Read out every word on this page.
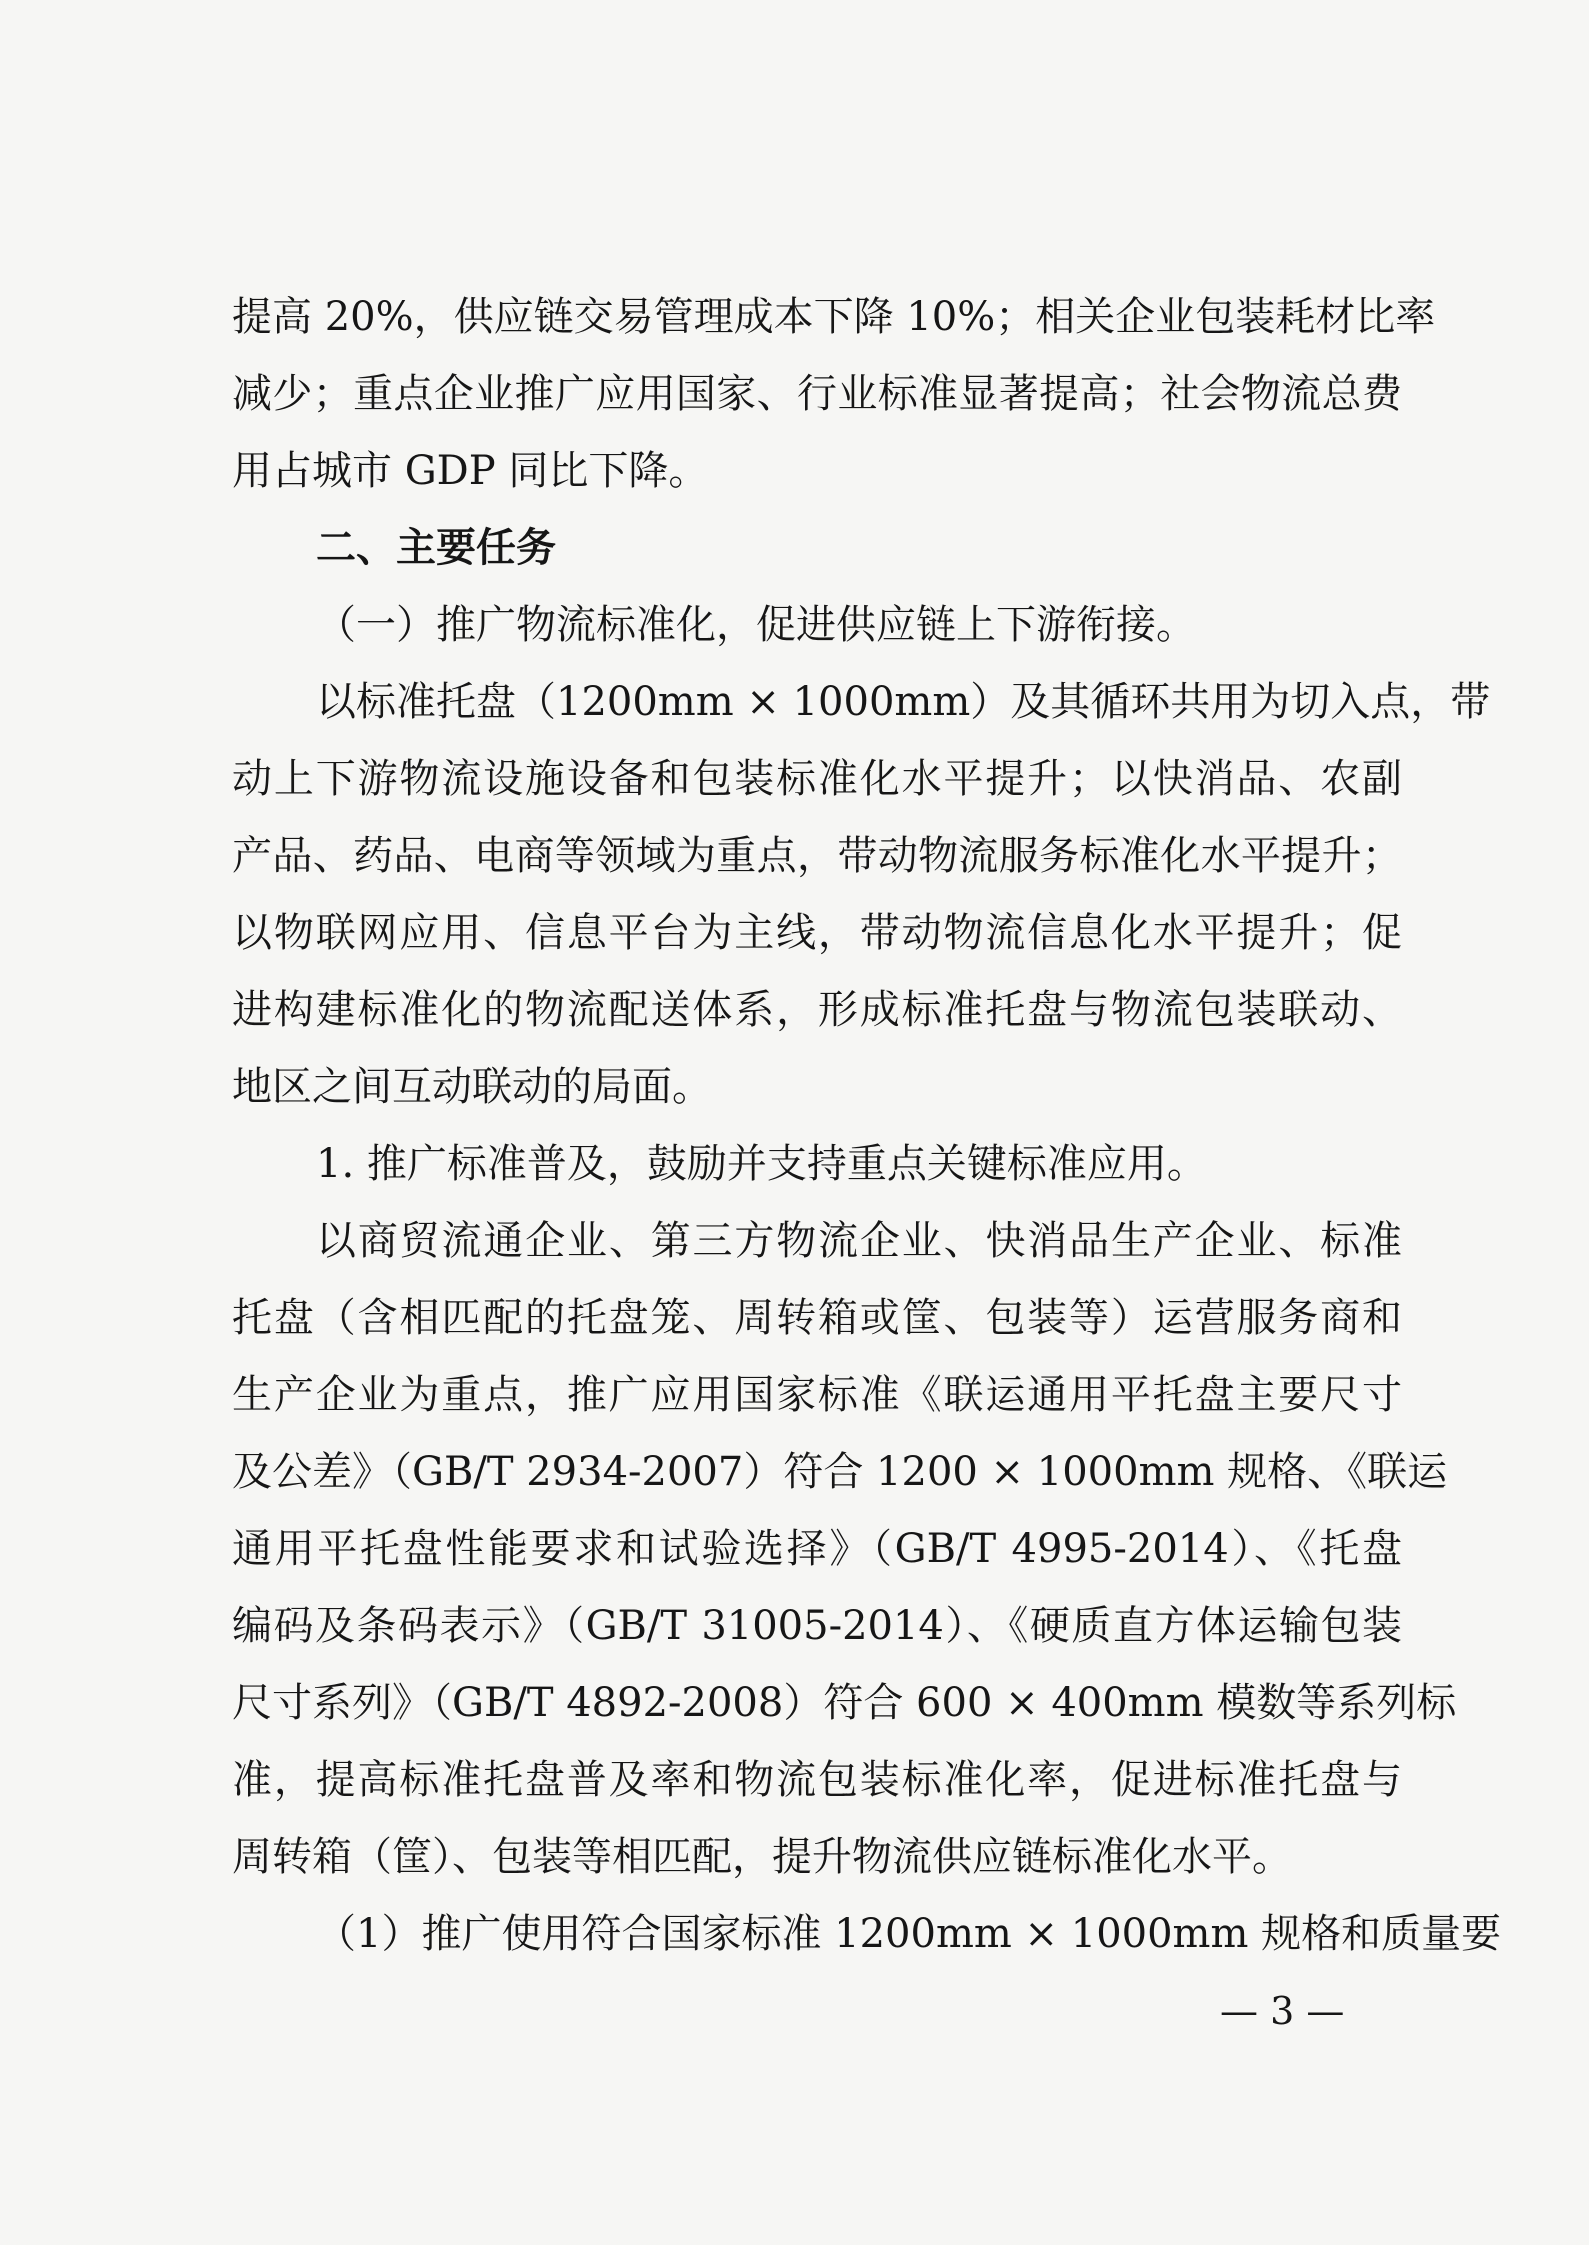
提高 20%，供应链交易管理成本下降 10%；相关企业包装耗材比率
减少；重点企业推广应用国家、行业标准显著提高；社会物流总费
用占城市 GDP 同比下降。
二、主要任务
（一）推广物流标准化，促进供应链上下游衔接。
以标准托盘（1200mm × 1000mm）及其循环共用为切入点，带
动上下游物流设施设备和包装标准化水平提升；以快消品、农副
产品、药品、电商等领域为重点，带动物流服务标准化水平提升；
以物联网应用、信息平台为主线，带动物流信息化水平提升；促
进构建标准化的物流配送体系，形成标准托盘与物流包装联动、
地区之间互动联动的局面。
1. 推广标准普及，鼓励并支持重点关键标准应用。
以商贸流通企业、第三方物流企业、快消品生产企业、标准
托盘（含相匹配的托盘笼、周转箱或筐、包装等）运营服务商和
生产企业为重点，推广应用国家标准《联运通用平托盘主要尺寸
及公差》（GB/T 2934-2007）符合 1200 × 1000mm 规格、《联运
通用平托盘性能要求和试验选择》（GB/T 4995-2014）、《托盘
编码及条码表示》（GB/T 31005-2014）、《硬质直方体运输包装
尺寸系列》（GB/T 4892-2008）符合 600 × 400mm 模数等系列标
准，提高标准托盘普及率和物流包装标准化率，促进标准托盘与
周转箱（筐）、包装等相匹配，提升物流供应链标准化水平。
（1）推广使用符合国家标准 1200mm × 1000mm 规格和质量要
— 3 —
